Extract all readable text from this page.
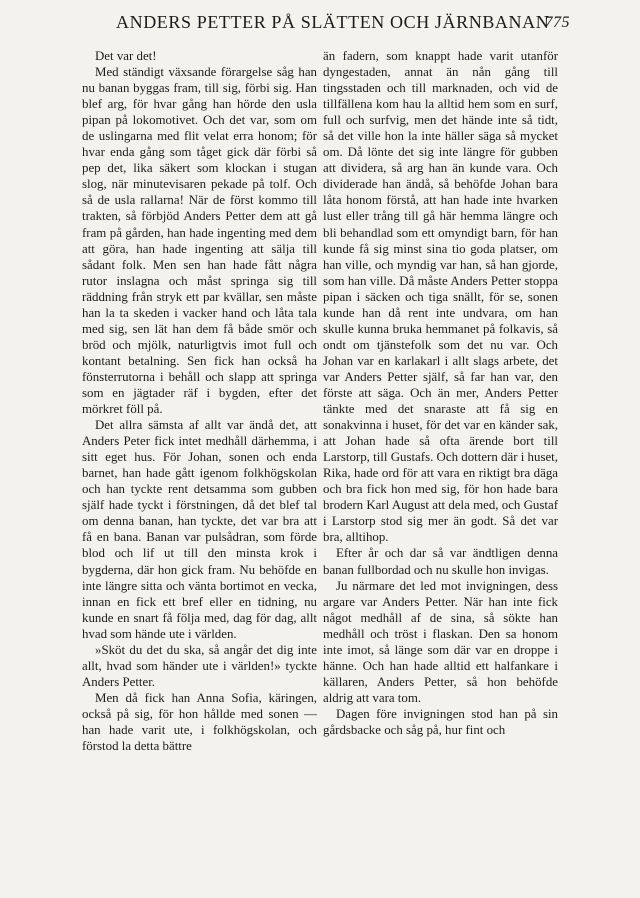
ANDERS PETTER PÅ SLÄTTEN OCH JÄRNBANAN
775

Det var det!

Med ständigt växsande förargelse såg han nu banan byggas fram, till sig, förbi sig. Han blef arg, för hvar gång han hörde den usla pipan på lokomotivet. Och det var, som om de uslingarna med flit velat erra honom; för hvar enda gång som tåget gick där förbi så pep det, lika säkert som klockan i stugan slog, när minutevisaren pekade på tolf. Och så de usla rallarna! När de först kommo till trakten, så förbjöd Anders Petter dem att gå fram på gården, han hade ingenting med dem att göra, han hade ingenting att sälja till sådant folk. Men sen han hade fått några rutor inslagna och måst springa sig till räddning från stryk ett par kvällar, sen måste han la ta skeden i vacker hand och låta tala med sig, sen lät han dem få både smör och bröd och mjölk, naturligtvis imot full och kontant betalning. Sen fick han också ha fönsterrutorna i behåll och slapp att springa som en jägtader räf i bygden, efter det mörkret föll på.

Det allra sämsta af allt var ändå det, att Anders Peter fick intet medhåll därhemma, i sitt eget hus. För Johan, sonen och enda barnet, han hade gått igenom folkhögskolan och han tyckte rent detsamma som gubben själf hade tyckt i förstningen, då det blef tal om denna banan, han tyckte, det var bra att få en bana. Banan var pulsådran, som förde blod och lif ut till den minsta krok i bygderna, där hon gick fram. Nu behöfde en inte längre sitta och vänta bortimot en vecka, innan en fick ett bref eller en tidning, nu kunde en snart få följa med, dag för dag, allt hvad som hände ute i världen.

»Sköt du det du ska, så angår det dig inte allt, hvad som händer ute i världen!» tyckte Anders Petter.

Men då fick han Anna Sofia, käringen, också på sig, för hon hållde med sonen — han hade varit ute, i folkhögskolan, och förstod la detta bättre

än fadern, som knappt hade varit utanför dyngestaden, annat än nån gång till tingsstaden och till marknaden, och vid de tillfällena kom hau la alltid hem som en surf, full och surfvig, men det hände inte så tidt, så det ville hon la inte häller säga så mycket om. Då lönte det sig inte längre för gubben att dividera, så arg han än kunde vara. Och dividerade han ändå, så behöfde Johan bara låta honom förstå, att han hade inte hvarken lust eller trång till gå här hemma längre och bli behandlad som ett omyndigt barn, för han kunde få sig minst sina tio goda platser, om han ville, och myndig var han, så han gjorde, som han ville. Då måste Anders Petter stoppa pipan i säcken och tiga snällt, för se, sonen kunde han då rent inte undvara, om han skulle kunna bruka hemmanet på folkavis, så ondt om tjänstefolk som det nu var. Och Johan var en karlakarl i allt slags arbete, det var Anders Petter själf, så far han var, den förste att säga. Och än mer, Anders Petter tänkte med det snaraste att få sig en sonakvinna i huset, för det var en känder sak, att Johan hade så ofta ärende bort till Larstorp, till Gustafs. Och dottern där i huset, Rika, hade ord för att vara en riktigt bra däga och bra fick hon med sig, för hon hade bara brodern Karl August att dela med, och Gustaf i Larstorp stod sig mer än godt. Så det var bra, alltihop.

Efter år och dar så var ändtligen denna banan fullbordad och nu skulle hon invigas.

Ju närmare det led mot invigningen, dess argare var Anders Petter. När han inte fick något medhåll af de sina, så sökte han medhåll och tröst i flaskan. Den sa honom inte imot, så länge som där var en droppe i hänne. Och han hade alltid ett halfankare i källaren, Anders Petter, så hon behöfde aldrig att vara tom.

Dagen före invigningen stod han på sin gårdsbacke och såg på, hur fint och
